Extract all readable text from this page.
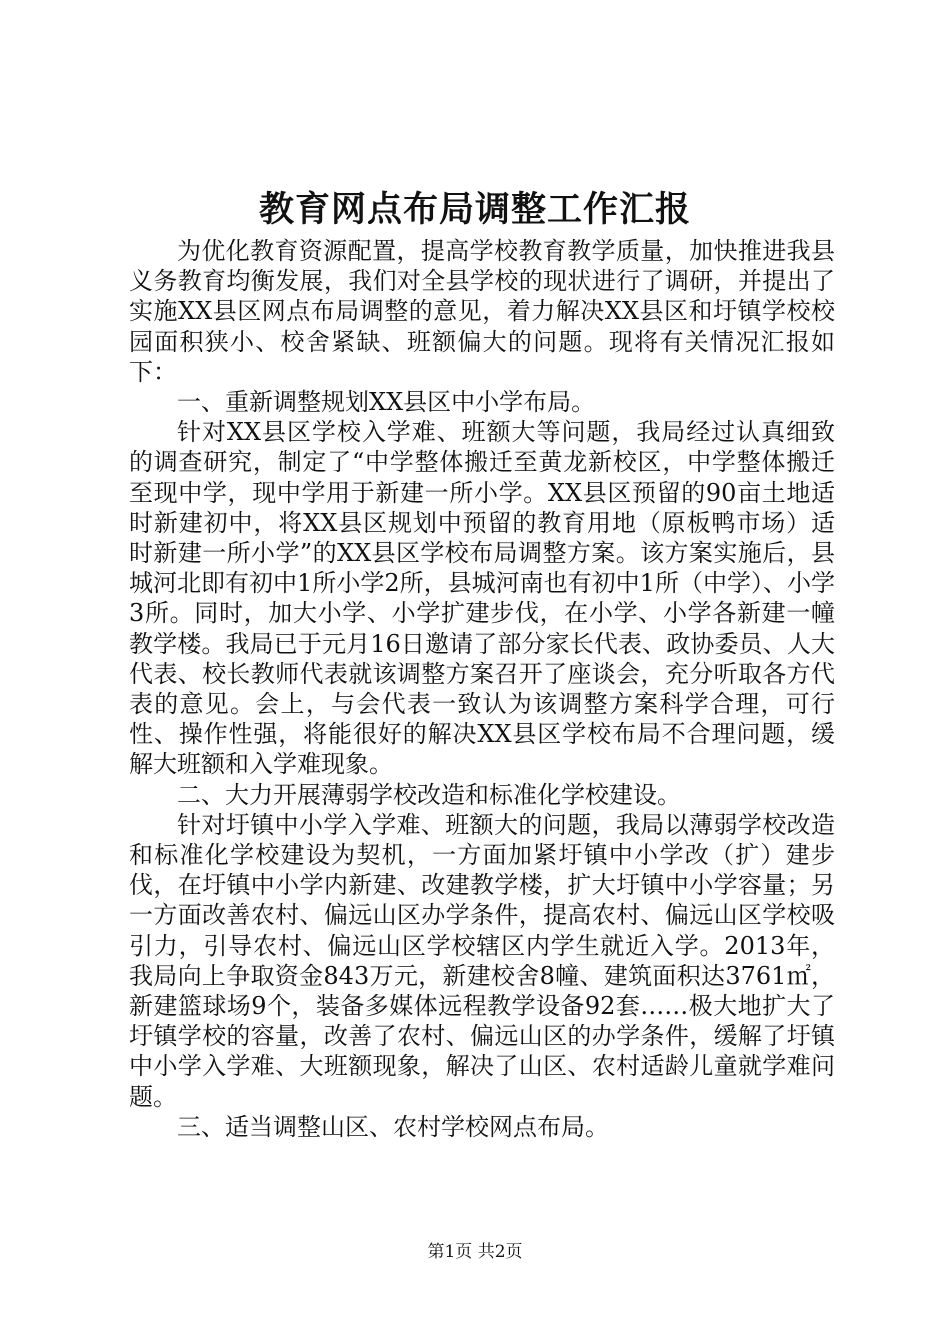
教育网点布局调整工作汇报

为优化教育资源配置，提高学校教育教学质量，加快推进我县义务教育均衡发展，我们对全县学校的现状进行了调研，并提出了实施XX县区网点布局调整的意见，着力解决XX县区和圩镇学校校园面积狭小、校舍紧缺、班额偏大的问题。现将有关情况汇报如下：

一、重新调整规划XX县区中小学布局。

针对XX县区学校入学难、班额大等问题，我局经过认真细致的调查研究，制定了“中学整体搬迁至黄龙新校区，中学整体搬迁至现中学，现中学用于新建一所小学。XX县区预留的90亩土地适时新建初中，将XX县区规划中预留的教育用地（原板鸭市场）适时新建一所小学”的XX县区学校布局调整方案。该方案实施后，县城河北即有初中1所小学2所，县城河南也有初中1所（中学）、小学3所。同时，加大小学、小学扩建步伐，在小学、小学各新建一幢教学楼。我局已于元月16日邀请了部分家长代表、政协委员、人大代表、校长教师代表就该调整方案召开了座谈会，充分听取各方代表的意见。会上，与会代表一致认为该调整方案科学合理，可行性、操作性强，将能很好的解决XX县区学校布局不合理问题，缓解大班额和入学难现象。

二、大力开展薄弱学校改造和标准化学校建设。

针对圩镇中小学入学难、班额大的问题，我局以薄弱学校改造和标准化学校建设为契机，一方面加紧圩镇中小学改（扩）建步伐，在圩镇中小学内新建、改建教学楼，扩大圩镇中小学容量；另一方面改善农村、偏远山区办学条件，提高农村、偏远山区学校吸引力，引导农村、偏远山区学校辖区内学生就近入学。2013年，我局向上争取资金843万元，新建校舍8幢、建筑面积达3761㎡，新建篮球场9个，装备多媒体远程教学设备92套……极大地扩大了圩镇学校的容量，改善了农村、偏远山区的办学条件，缓解了圩镇中小学入学难、大班额现象，解决了山区、农村适龄儿童就学难问题。

三、适当调整山区、农村学校网点布局。

第1页 共2页
